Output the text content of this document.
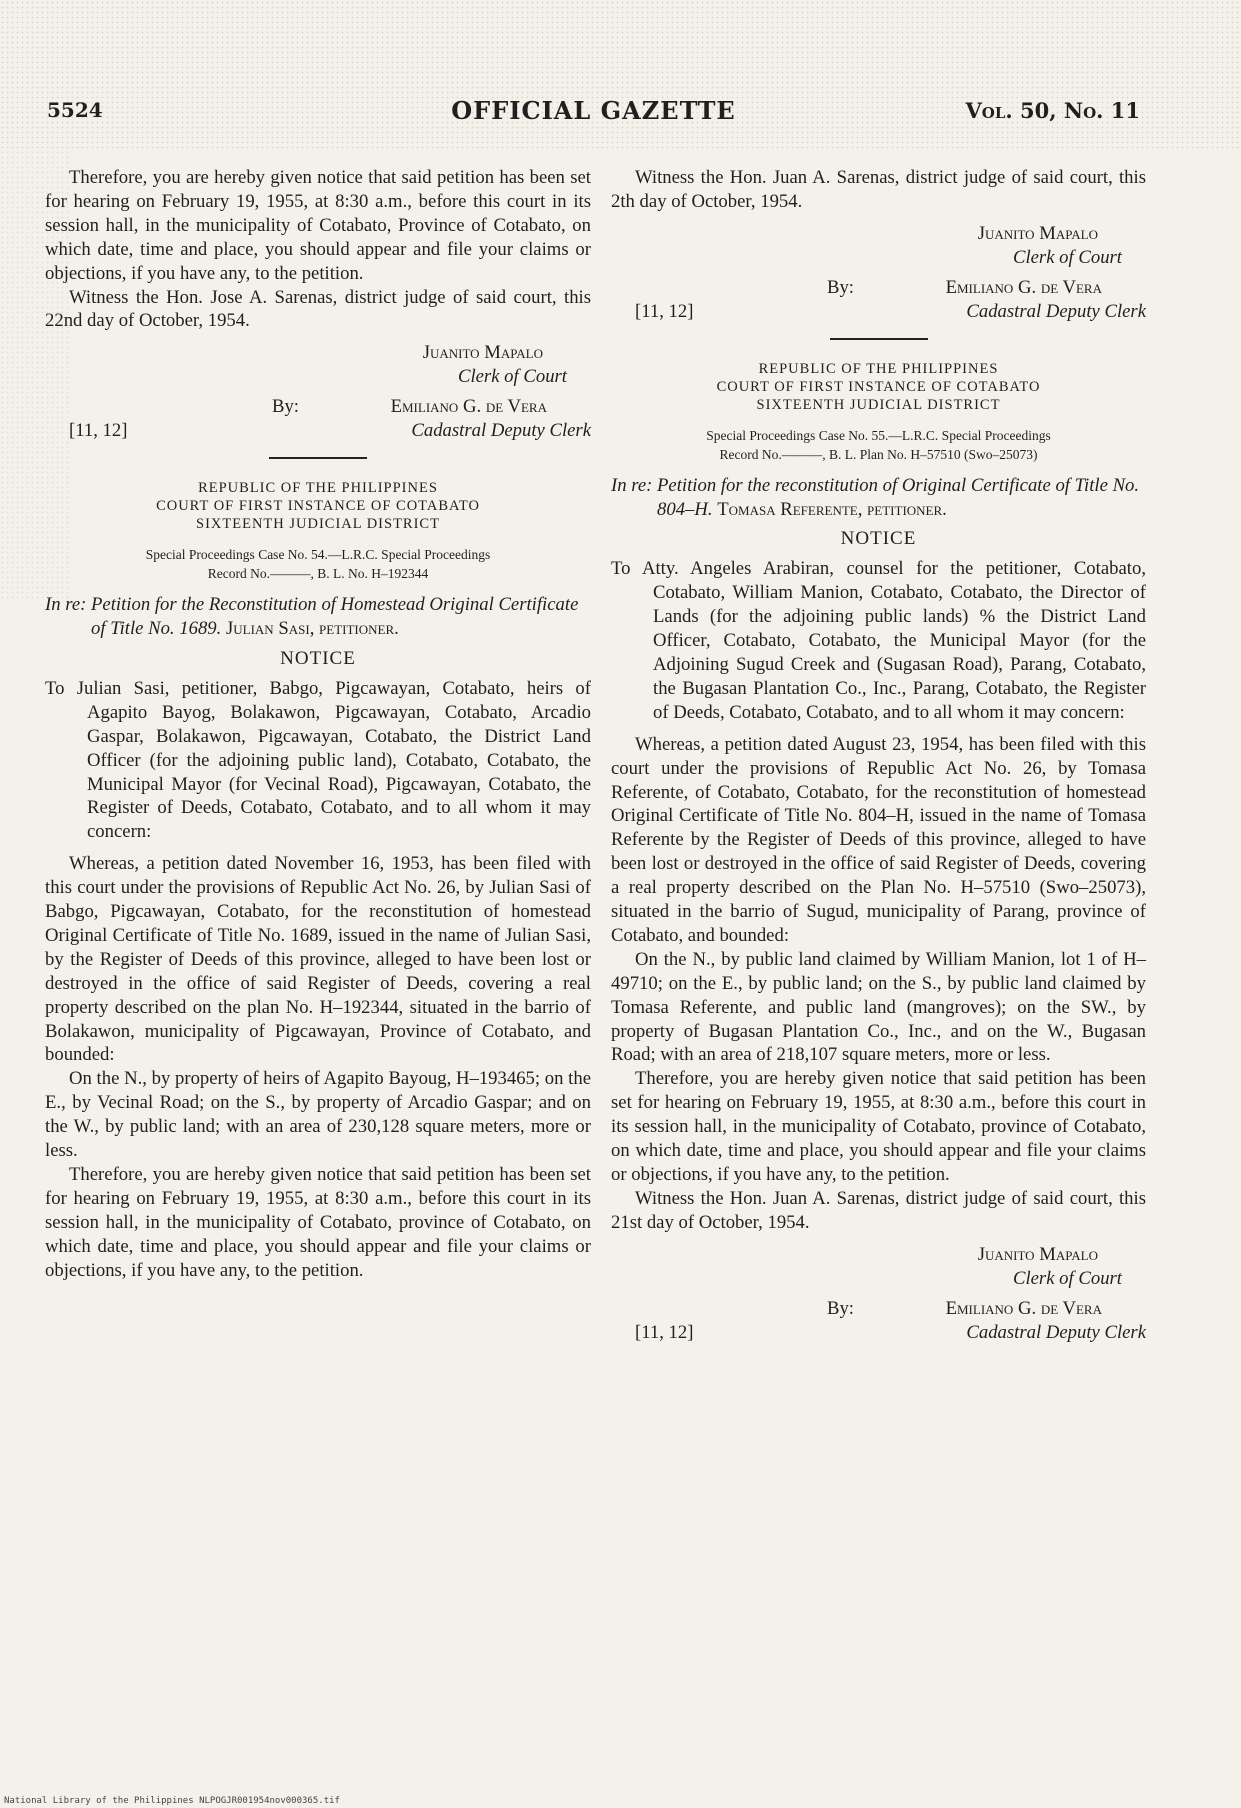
5524	OFFICIAL GAZETTE	Vol. 50, No. 11

Therefore, you are hereby given notice that said petition has been set for hearing on February 19, 1955, at 8:30 a.m., before this court in its session hall, in the municipality of Cotabato, Province of Cotabato, on which date, time and place, you should appear and file your claims or objections, if you have any, to the petition.

Witness the Hon. Jose A. Sarenas, district judge of said court, this 22nd day of October, 1954.

Juanito Mapalo
Clerk of Court
By:	Emiliano G. de Vera
Cadastral Deputy Clerk
[11, 12]
REPUBLIC OF THE PHILIPPINES
COURT OF FIRST INSTANCE OF COTABATO
SIXTEENTH JUDICIAL DISTRICT
Special Proceedings Case No. 54.—L.R.C. Special Proceedings
Record No.———, B. L. No. H–192344
In re: Petition for the Reconstitution of Homestead Original Certificate of Title No. 1689. Julian Sasi, petitioner.
NOTICE
To Julian Sasi, petitioner, Babgo, Pigcawayan, Cotabato, heirs of Agapito Bayog, Bolakawon, Pigcawayan, Cotabato, Arcadio Gaspar, Bolakawon, Pigcawayan, Cotabato, the District Land Officer (for the adjoining public land), Cotabato, Cotabato, the Municipal Mayor (for Vecinal Road), Pigcawayan, Cotabato, the Register of Deeds, Cotabato, Cotabato, and to all whom it may concern:

Whereas, a petition dated November 16, 1953, has been filed with this court under the provisions of Republic Act No. 26, by Julian Sasi of Babgo, Pigcawayan, Cotabato, for the reconstitution of homestead Original Certificate of Title No. 1689, issued in the name of Julian Sasi, by the Register of Deeds of this province, alleged to have been lost or destroyed in the office of said Register of Deeds, covering a real property described on the plan No. H–192344, situated in the barrio of Bolakawon, municipality of Pigcawayan, Province of Cotabato, and bounded:

On the N., by property of heirs of Agapito Bayoug, H–193465; on the E., by Vecinal Road; on the S., by property of Arcadio Gaspar; and on the W., by public land; with an area of 230,128 square meters, more or less.

Therefore, you are hereby given notice that said petition has been set for hearing on February 19, 1955, at 8:30 a.m., before this court in its session hall, in the municipality of Cotabato, province of Cotabato, on which date, time and place, you should appear and file your claims or objections, if you have any, to the petition.

Witness the Hon. Juan A. Sarenas, district judge of said court, this 2th day of October, 1954.

Juanito Mapalo
Clerk of Court
By:	Emiliano G. de Vera
Cadastral Deputy Clerk
[11, 12]
REPUBLIC OF THE PHILIPPINES
COURT OF FIRST INSTANCE OF COTABATO
SIXTEENTH JUDICIAL DISTRICT
Special Proceedings Case No. 55.—L.R.C. Special Proceedings
Record No.———, B. L. Plan No. H–57510 (Swo–25073)
In re: Petition for the reconstitution of Original Certificate of Title No. 804–H. Tomasa Referente, petitioner.
NOTICE
To Atty. Angeles Arabiran, counsel for the petitioner, Cotabato, Cotabato, William Manion, Cotabato, Cotabato, the Director of Lands (for the adjoining public lands) % the District Land Officer, Cotabato, Cotabato, the Municipal Mayor (for the Adjoining Sugud Creek and (Sugasan Road), Parang, Cotabato, the Bugasan Plantation Co., Inc., Parang, Cotabato, the Register of Deeds, Cotabato, Cotabato, and to all whom it may concern:

Whereas, a petition dated August 23, 1954, has been filed with this court under the provisions of Republic Act No. 26, by Tomasa Referente, of Cotabato, Cotabato, for the reconstitution of homestead Original Certificate of Title No. 804–H, issued in the name of Tomasa Referente by the Register of Deeds of this province, alleged to have been lost or destroyed in the office of said Register of Deeds, covering a real property described on the Plan No. H–57510 (Swo–25073), situated in the barrio of Sugud, municipality of Parang, province of Cotabato, and bounded:

On the N., by public land claimed by William Manion, lot 1 of H–49710; on the E., by public land; on the S., by public land claimed by Tomasa Referente, and public land (mangroves); on the SW., by property of Bugasan Plantation Co., Inc., and on the W., Bugasan Road; with an area of 218,107 square meters, more or less.

Therefore, you are hereby given notice that said petition has been set for hearing on February 19, 1955, at 8:30 a.m., before this court in its session hall, in the municipality of Cotabato, province of Cotabato, on which date, time and place, you should appear and file your claims or objections, if you have any, to the petition.

Witness the Hon. Juan A. Sarenas, district judge of said court, this 21st day of October, 1954.

Juanito Mapalo
Clerk of Court
By:	Emiliano G. de Vera
Cadastral Deputy Clerk
[11, 12]
National Library of the Philippines NLPOGJR001954nov000365.tif
